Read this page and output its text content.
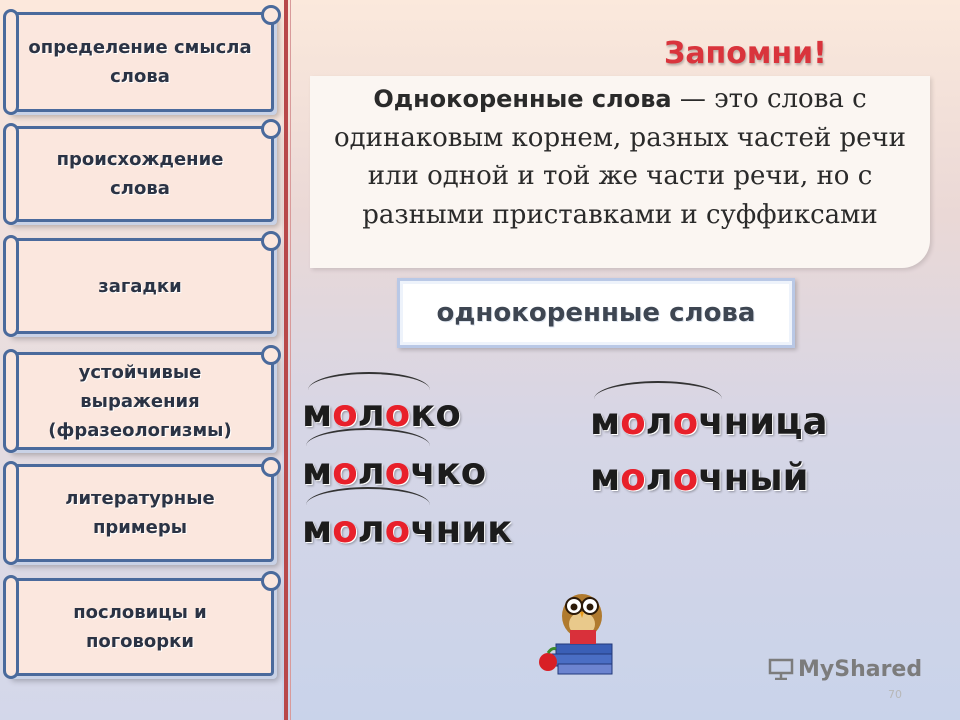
определение смысла слова
происхождение слова
загадки
устойчивые выражения (фразеологизмы)
литературные примеры
пословицы и поговорки
Запомни!
Однокоренные слова — это слова с одинаковым корнем, разных частей речи или одной и той же части речи, но с разными приставками и суффиксами
однокоренные слова
молоко
молочко
молочник
молочница
молочный
MyShared
70
